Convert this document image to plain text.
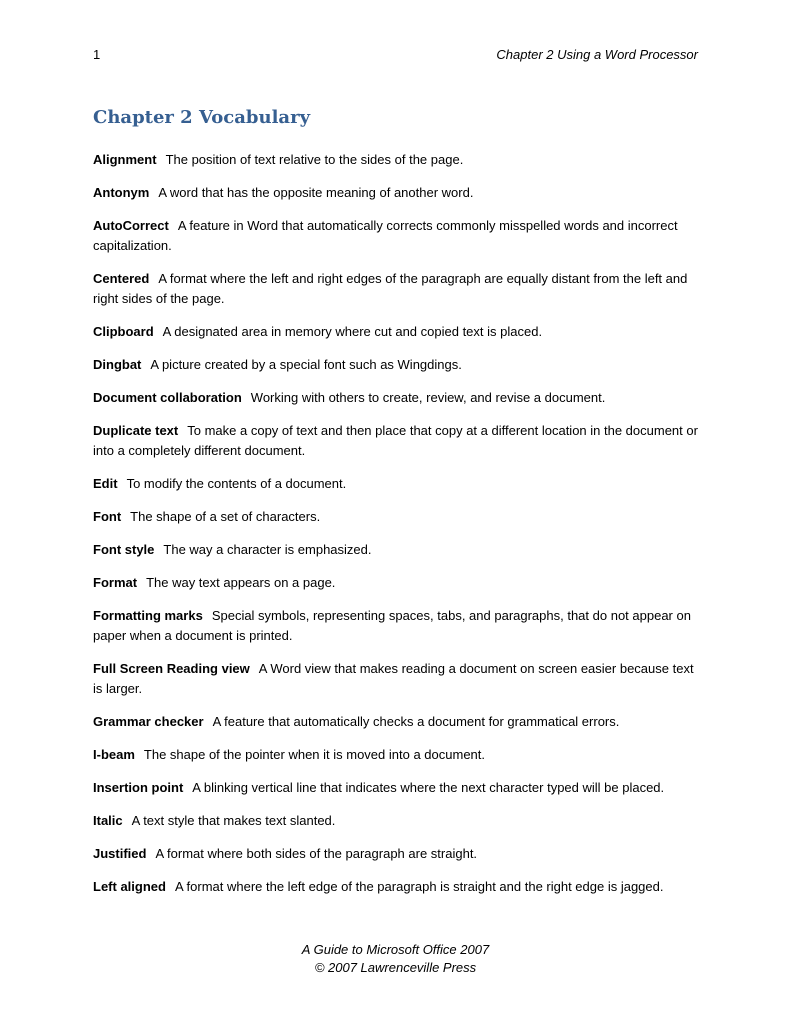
1	Chapter 2 Using a Word Processor
Chapter 2 Vocabulary

Alignment The position of text relative to the sides of the page.

Antonym A word that has the opposite meaning of another word.

AutoCorrect A feature in Word that automatically corrects commonly misspelled words and incorrect capitalization.

Centered A format where the left and right edges of the paragraph are equally distant from the left and right sides of the page.

Clipboard A designated area in memory where cut and copied text is placed.

Dingbat A picture created by a special font such as Wingdings.

Document collaboration Working with others to create, review, and revise a document.

Duplicate text To make a copy of text and then place that copy at a different location in the document or into a completely different document.

Edit To modify the contents of a document.

Font The shape of a set of characters.

Font style The way a character is emphasized.

Format The way text appears on a page.

Formatting marks Special symbols, representing spaces, tabs, and paragraphs, that do not appear on paper when a document is printed.

Full Screen Reading view A Word view that makes reading a document on screen easier because text is larger.

Grammar checker A feature that automatically checks a document for grammatical errors.

I-beam The shape of the pointer when it is moved into a document.

Insertion point A blinking vertical line that indicates where the next character typed will be placed.

Italic A text style that makes text slanted.

Justified A format where both sides of the paragraph are straight.

Left aligned A format where the left edge of the paragraph is straight and the right edge is jagged.

A Guide to Microsoft Office 2007
© 2007 Lawrenceville Press
